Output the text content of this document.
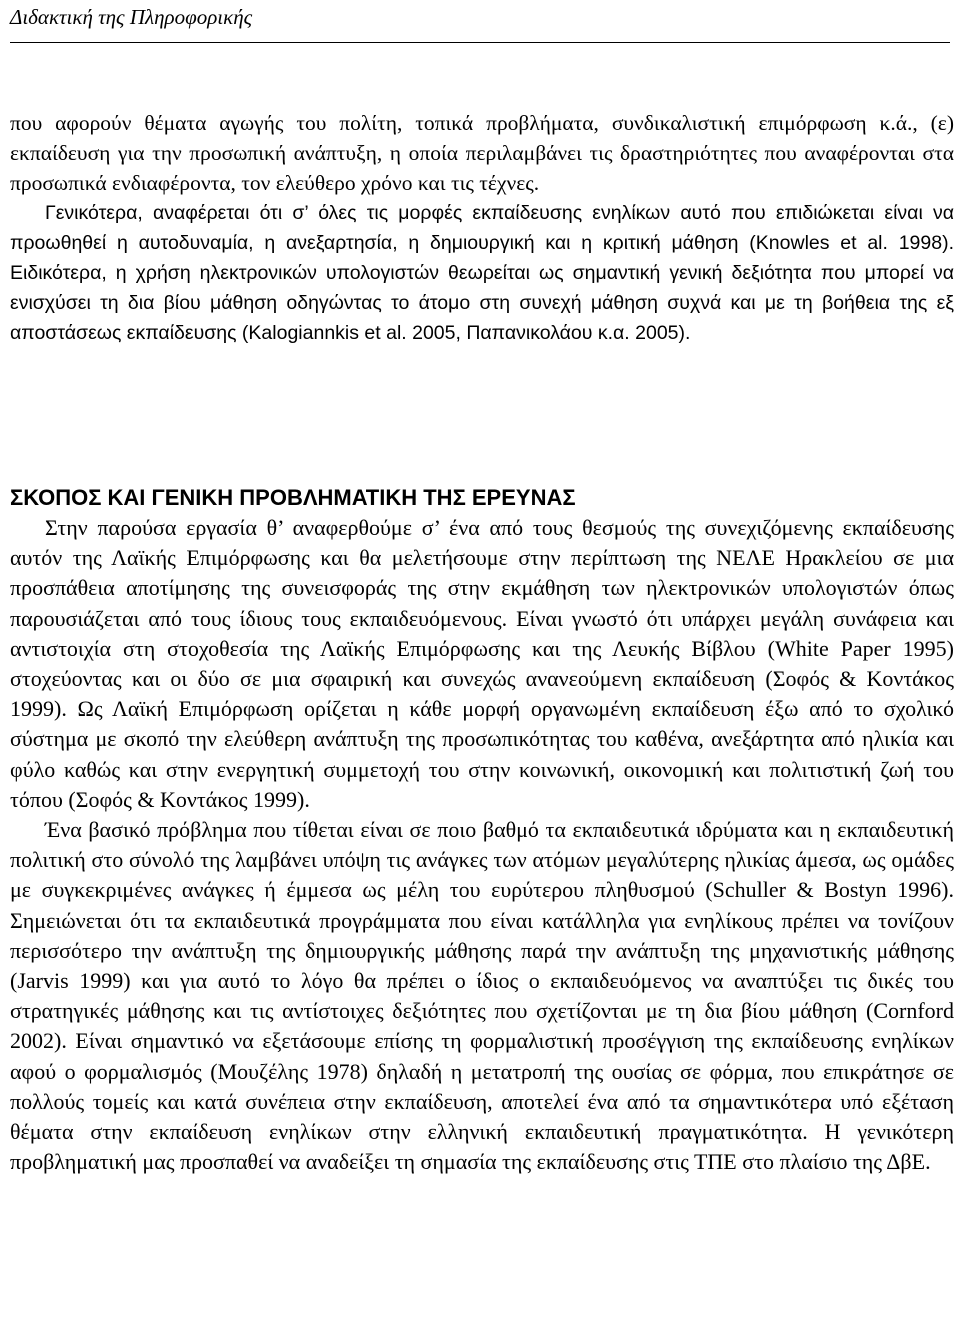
Διδακτική της Πληροφορικής

που αφορούν θέματα αγωγής του πολίτη, τοπικά προβλήματα, συνδικαλιστική επιμόρφωση κ.ά., (ε) εκπαίδευση για την προσωπική ανάπτυξη, η οποία περιλαμβάνει τις δραστηριότητες που αναφέρονται στα προσωπικά ενδιαφέροντα, τον ελεύθερο χρόνο και τις τέχνες.

Γενικότερα, αναφέρεται ότι σ’ όλες τις μορφές εκπαίδευσης ενηλίκων αυτό που επιδιώκεται είναι να προωθηθεί η αυτοδυναμία, η ανεξαρτησία, η δημιουργική και η κριτική μάθηση (Knowles et al. 1998). Ειδικότερα, η χρήση ηλεκτρονικών υπολογιστών θεωρείται ως σημαντική γενική δεξιότητα που μπορεί να ενισχύσει τη δια βίου μάθηση οδηγώντας το άτομο στη συνεχή μάθηση συχνά και με τη βοήθεια της εξ αποστάσεως εκπαίδευσης (Kalogiannkis et al. 2005, Παπανικολάου κ.α. 2005).

ΣΚΟΠΟΣ ΚΑΙ ΓΕΝΙΚΗ ΠΡΟΒΛΗΜΑΤΙΚΗ ΤΗΣ ΕΡΕΥΝΑΣ

Στην παρούσα εργασία θ’ αναφερθούμε σ’ ένα από τους θεσμούς της συνεχιζόμενης εκπαίδευσης αυτόν της Λαϊκής Επιμόρφωσης και θα μελετήσουμε στην περίπτωση της ΝΕΛΕ Ηρακλείου σε μια προσπάθεια αποτίμησης της συνεισφοράς της στην εκμάθηση των ηλεκτρονικών υπολογιστών όπως παρουσιάζεται από τους ίδιους τους εκπαιδευόμενους. Είναι γνωστό ότι υπάρχει μεγάλη συνάφεια και αντιστοιχία στη στοχοθεσία της Λαϊκής Επιμόρφωσης και της Λευκής Βίβλου (White Paper 1995) στοχεύοντας και οι δύο σε μια σφαιρική και συνεχώς ανανεούμενη εκπαίδευση (Σοφός & Κοντάκος 1999). Ως Λαϊκή Επιμόρφωση ορίζεται η κάθε μορφή οργανωμένη εκπαίδευση έξω από το σχολικό σύστημα με σκοπό την ελεύθερη ανάπτυξη της προσωπικότητας του καθένα, ανεξάρτητα από ηλικία και φύλο καθώς και στην ενεργητική συμμετοχή του στην κοινωνική, οικονομική και πολιτιστική ζωή του τόπου (Σοφός & Κοντάκος 1999).

Ένα βασικό πρόβλημα που τίθεται είναι σε ποιο βαθμό τα εκπαιδευτικά ιδρύματα και η εκπαιδευτική πολιτική στο σύνολό της λαμβάνει υπόψη τις ανάγκες των ατόμων μεγαλύτερης ηλικίας άμεσα, ως ομάδες με συγκεκριμένες ανάγκες ή έμμεσα ως μέλη του ευρύτερου πληθυσμού (Schuller & Bostyn 1996). Σημειώνεται ότι τα εκπαιδευτικά προγράμματα που είναι κατάλληλα για ενηλίκους πρέπει να τονίζουν περισσότερο την ανάπτυξη της δημιουργικής μάθησης παρά την ανάπτυξη της μηχανιστικής μάθησης (Jarvis 1999) και για αυτό το λόγο θα πρέπει ο ίδιος ο εκπαιδευόμενος να αναπτύξει τις δικές του στρατηγικές μάθησης και τις αντίστοιχες δεξιότητες που σχετίζονται με τη δια βίου μάθηση (Cornford 2002). Είναι σημαντικό να εξετάσουμε επίσης τη φορμαλιστική προσέγγιση της εκπαίδευσης ενηλίκων αφού ο φορμαλισμός (Μουζέλης 1978) δηλαδή η μετατροπή της ουσίας σε φόρμα, που επικράτησε σε πολλούς τομείς και κατά συνέπεια στην εκπαίδευση, αποτελεί ένα από τα σημαντικότερα υπό εξέταση θέματα στην εκπαίδευση ενηλίκων στην ελληνική εκπαιδευτική πραγματικότητα. Η γενικότερη προβληματική μας προσπαθεί να αναδείξει τη σημασία της εκπαίδευσης στις ΤΠΕ στο πλαίσιο της ΔβΕ.
